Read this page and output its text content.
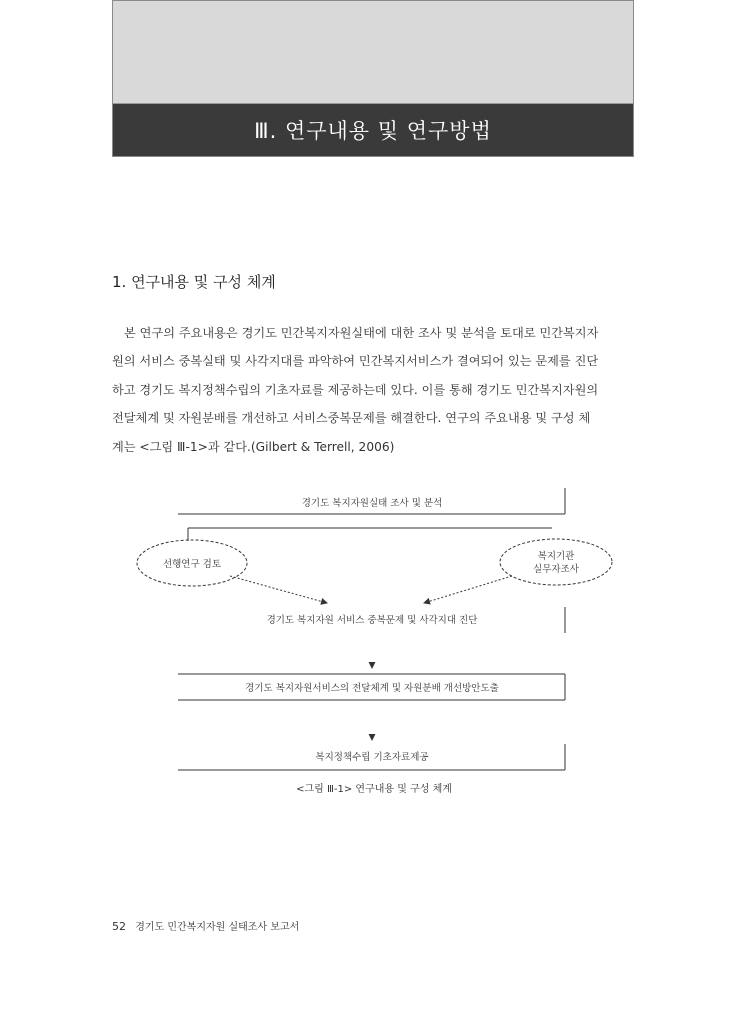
Ⅲ. 연구내용 및 연구방법
1. 연구내용 및 구성 체계

본 연구의 주요내용은 경기도 민간복지자원실태에 대한 조사 및 분석을 토대로 민간복지자
원의 서비스 중복실태 및 사각지대를 파악하여 민간복지서비스가 결여되어 있는 문제를 진단
하고 경기도 복지정책수립의 기초자료를 제공하는데 있다. 이를 통해 경기도 민간복지자원의
전달체계 및 자원분배를 개선하고 서비스중복문제를 해결한다. 연구의 주요내용 및 구성 체
계는 <그림 Ⅲ-1>과 같다.(Gilbert & Terrell, 2006)

경기도 복지자원실태 조사 및 분석
선행연구 검토
복지기관
실무자조사
경기도 복지자원 서비스 중복문제 및 사각지대 진단
경기도 복지자원서비스의 전달체계 및 자원분배 개선방안도출
복지정책수립 기초자료제공
<그림 Ⅲ-1> 연구내용 및 구성 체계
52 경기도 민간복지자원 실태조사 보고서
